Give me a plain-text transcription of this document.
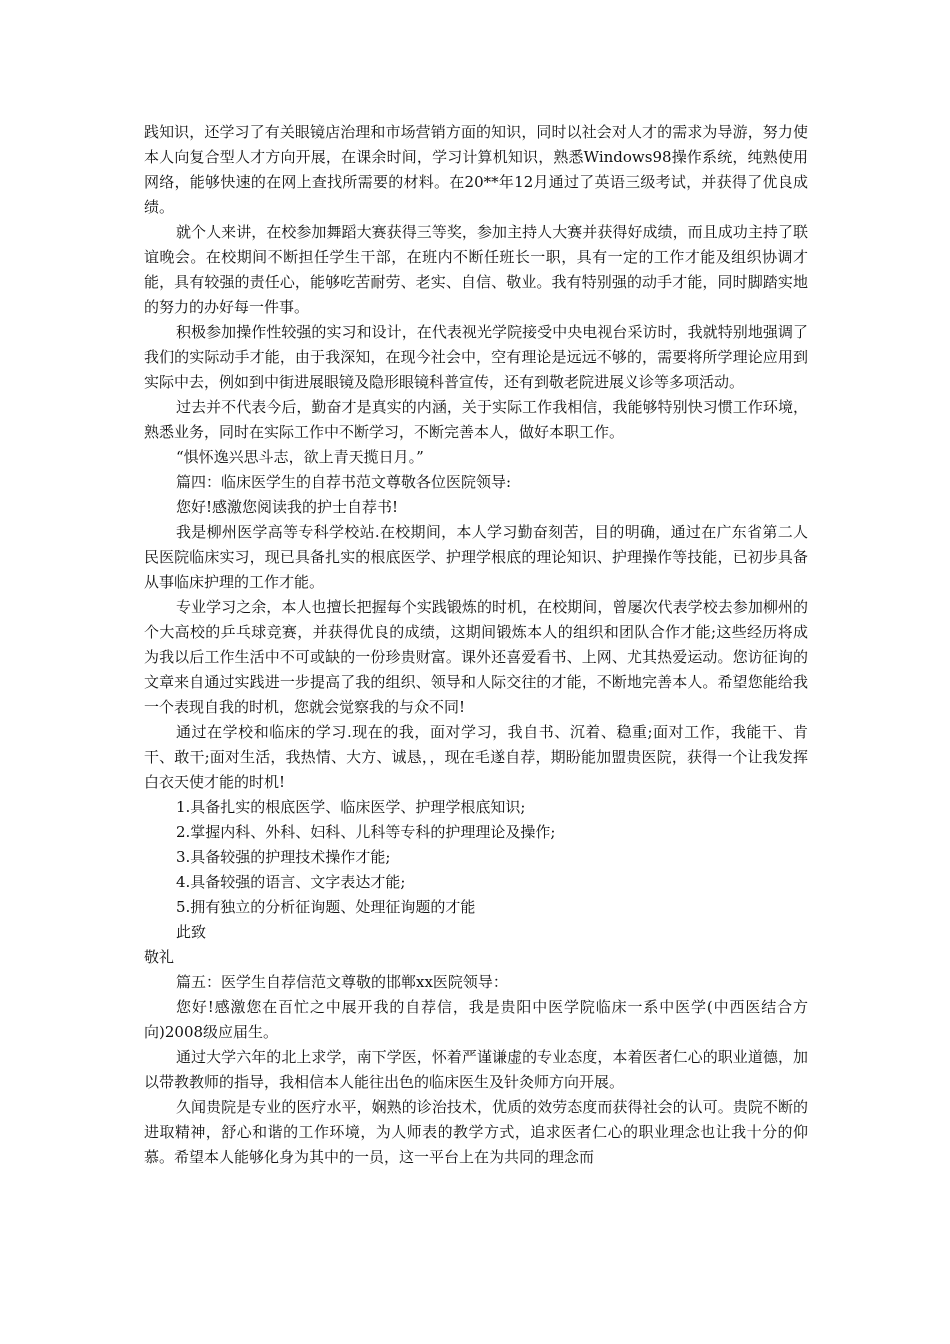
践知识，还学习了有关眼镜店治理和市场营销方面的知识，同时以社会对人才的需求为导游，努力使本人向复合型人才方向开展，在课余时间，学习计算机知识，熟悉Windows98操作系统，纯熟使用网络，能够快速的在网上查找所需要的材料。在20**年12月通过了英语三级考试，并获得了优良成绩。

就个人来讲，在校参加舞蹈大赛获得三等奖，参加主持人大赛并获得好成绩，而且成功主持了联谊晚会。在校期间不断担任学生干部，在班内不断任班长一职，具有一定的工作才能及组织协调才能，具有较强的责任心，能够吃苦耐劳、老实、自信、敬业。我有特别强的动手才能，同时脚踏实地的努力的办好每一件事。

积极参加操作性较强的实习和设计，在代表视光学院接受中央电视台采访时，我就特别地强调了我们的实际动手才能，由于我深知，在现今社会中，空有理论是远远不够的，需要将所学理论应用到实际中去，例如到中街进展眼镜及隐形眼镜科普宣传，还有到敬老院进展义诊等多项活动。

过去并不代表今后，勤奋才是真实的内涵，关于实际工作我相信，我能够特别快习惯工作环境，熟悉业务，同时在实际工作中不断学习，不断完善本人，做好本职工作。

“惧怀逸兴思斗志，欲上青天揽日月。”

篇四：临床医学生的自荐书范文尊敬各位医院领导:

您好!感激您阅读我的护士自荐书!

我是柳州医学高等专科学校站.在校期间，本人学习勤奋刻苦，目的明确，通过在广东省第二人民医院临床实习，现已具备扎实的根底医学、护理学根底的理论知识、护理操作等技能，已初步具备从事临床护理的工作才能。

专业学习之余，本人也擅长把握每个实践锻炼的时机，在校期间，曾屡次代表学校去参加柳州的个大高校的乒乓球竞赛，并获得优良的成绩，这期间锻炼本人的组织和团队合作才能;这些经历将成为我以后工作生活中不可或缺的一份珍贵财富。课外还喜爱看书、上网、尤其热爱运动。您访征询的文章来自通过实践进一步提高了我的组织、领导和人际交往的才能，不断地完善本人。希望您能给我一个表现自我的时机，您就会觉察我的与众不同!

通过在学校和临床的学习.现在的我，面对学习，我自书、沉着、稳重;面对工作，我能干、肯干、敢干;面对生活，我热情、大方、诚恳，，现在毛遂自荐，期盼能加盟贵医院，获得一个让我发挥白衣天使才能的时机!

1.具备扎实的根底医学、临床医学、护理学根底知识;

2.掌握内科、外科、妇科、儿科等专科的护理理论及操作;

3.具备较强的护理技术操作才能;

4.具备较强的语言、文字表达才能;

5.拥有独立的分析征询题、处理征询题的才能

此致

敬礼

篇五：医学生自荐信范文尊敬的邯郸xx医院领导：

您好!感激您在百忙之中展开我的自荐信，我是贵阳中医学院临床一系中医学(中西医结合方向)2008级应届生。

通过大学六年的北上求学，南下学医，怀着严谨谦虚的专业态度，本着医者仁心的职业道德，加以带教教师的指导，我相信本人能往出色的临床医生及针灸师方向开展。

久闻贵院是专业的医疗水平，娴熟的诊治技术，优质的效劳态度而获得社会的认可。贵院不断的进取精神，舒心和谐的工作环境，为人师表的教学方式，追求医者仁心的职业理念也让我十分的仰慕。希望本人能够化身为其中的一员，这一平台上在为共同的理念而
